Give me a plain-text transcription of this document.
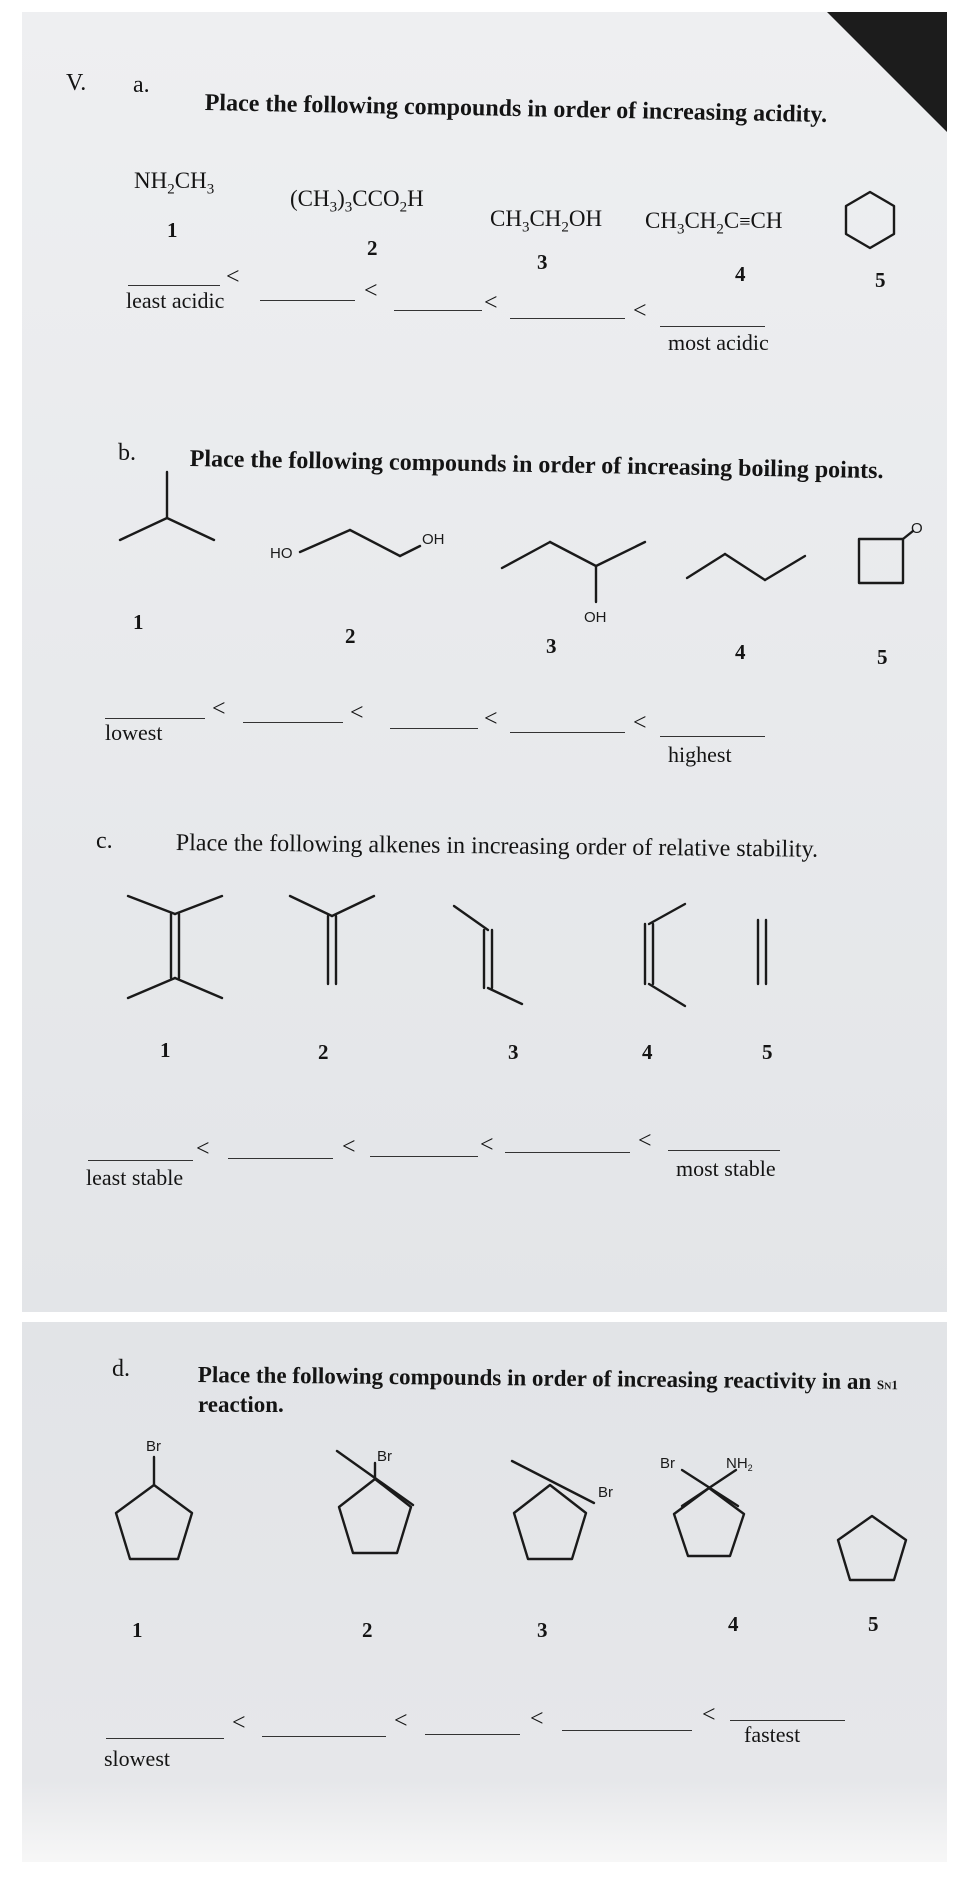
V. a.
Place the following compounds in order of increasing acidity.
$NH_2CH_3$	$(CH_3)_3CCO_2H$
$CH_3CH_2OH$ $CH_3CH_2C\equiv CH$
1
2
3	4	5
<
<	<	<
least acidic
most acidic
b. Place the following compounds in order of increasing boiling points.
HO
OH
OH
O
1
2	3	4	5
<	<	<	<
lowest
highest
c.	Place the following alkenes in increasing order of relative stability.
1	2	3	4	5
<	<	<	<
least stable	most stable
d.	Place the following compounds in order of increasing reactivity in an SN1
reaction.
Br
Br
Br
Br	$NH_2$
1	2	3	4	5
<	<	<	<
slowest
fastest
